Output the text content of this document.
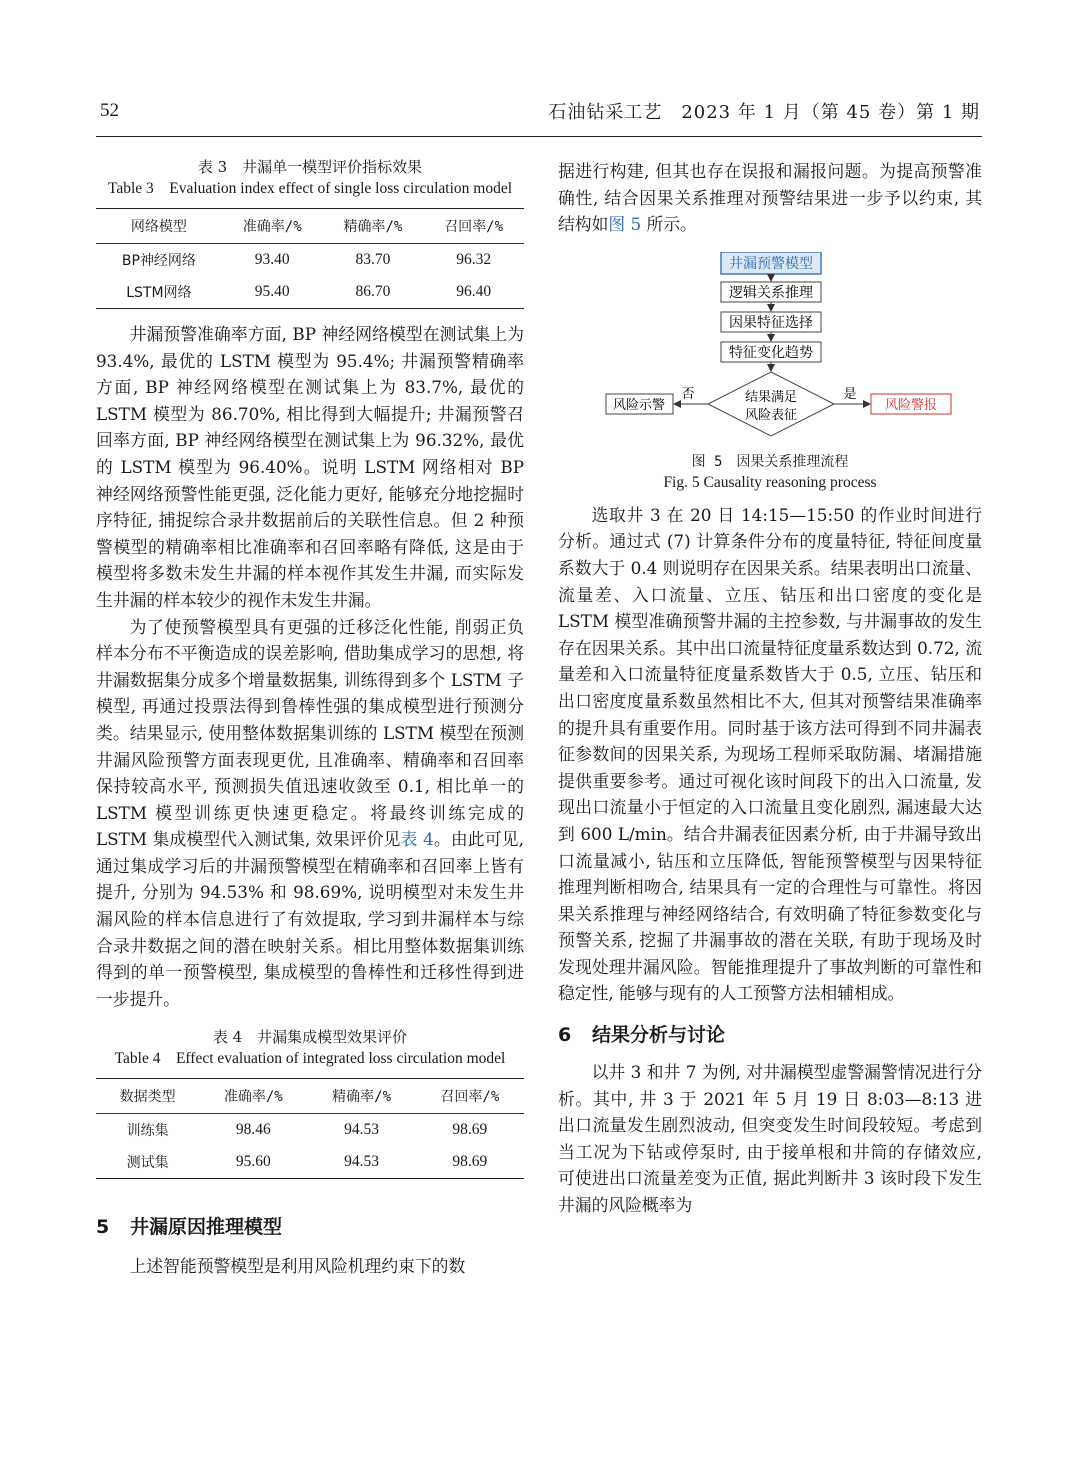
52	石油钻采工艺　2023 年 1 月（第 45 卷）第 1 期
表 3　井漏单一模型评价指标效果
Table 3　Evaluation index effect of single loss circulation model
网络模型	准确率/%	精确率/%	召回率/%
BP神经网络	93.40	83.70	96.32
LSTM网络	95.40	86.70	96.40

井漏预警准确率方面, BP 神经网络模型在测试集上为 93.4%, 最优的 LSTM 模型为 95.4%; 井漏预警精确率方面, BP 神经网络模型在测试集上为 83.7%, 最优的 LSTM 模型为 86.70%, 相比得到大幅提升; 井漏预警召回率方面, BP 神经网络模型在测试集上为 96.32%, 最优的 LSTM 模型为 96.40%。说明 LSTM 网络相对 BP 神经网络预警性能更强, 泛化能力更好, 能够充分地挖掘时序特征, 捕捉综合录井数据前后的关联性信息。但 2 种预警模型的精确率相比准确率和召回率略有降低, 这是由于模型将多数未发生井漏的样本视作其发生井漏, 而实际发生井漏的样本较少的视作未发生井漏。

为了使预警模型具有更强的迁移泛化性能, 削弱正负样本分布不平衡造成的误差影响, 借助集成学习的思想, 将井漏数据集分成多个增量数据集, 训练得到多个 LSTM 子模型, 再通过投票法得到鲁棒性强的集成模型进行预测分类。结果显示, 使用整体数据集训练的 LSTM 模型在预测井漏风险预警方面表现更优, 且准确率、精确率和召回率保持较高水平, 预测损失值迅速收敛至 0.1, 相比单一的 LSTM 模型训练更快速更稳定。将最终训练完成的 LSTM 集成模型代入测试集, 效果评价见表 4。由此可见, 通过集成学习后的井漏预警模型在精确率和召回率上皆有提升, 分别为 94.53% 和 98.69%, 说明模型对未发生井漏风险的样本信息进行了有效提取, 学习到井漏样本与综合录井数据之间的潜在映射关系。相比用整体数据集训练得到的单一预警模型, 集成模型的鲁棒性和迁移性得到进一步提升。

表 4　井漏集成模型效果评价
Table 4　Effect evaluation of integrated loss circulation model
数据类型	准确率/%	精确率/%	召回率/%
训练集	98.46	94.53	98.69
测试集	95.60	94.53	98.69
5 井漏原因推理模型

上述智能预警模型是利用风险机理约束下的数

据进行构建, 但其也存在误报和漏报问题。为提高预警准确性, 结合因果关系推理对预警结果进一步予以约束, 其结构如图 5 所示。

井漏预警模型
逻辑关系推理
因果特征选择
特征变化趋势
结果满足
风险表征
否
风险示警
是
风险警报
图 5　因果关系推理流程
Fig. 5 Causality reasoning process

选取井 3 在 20 日 14:15—15:50 的作业时间进行分析。通过式 (7) 计算条件分布的度量特征, 特征间度量系数大于 0.4 则说明存在因果关系。结果表明出口流量、流量差、入口流量、立压、钻压和出口密度的变化是 LSTM 模型准确预警井漏的主控参数, 与井漏事故的发生存在因果关系。其中出口流量特征度量系数达到 0.72, 流量差和入口流量特征度量系数皆大于 0.5, 立压、钻压和出口密度度量系数虽然相比不大, 但其对预警结果准确率的提升具有重要作用。同时基于该方法可得到不同井漏表征参数间的因果关系, 为现场工程师采取防漏、堵漏措施提供重要参考。通过可视化该时间段下的出入口流量, 发现出口流量小于恒定的入口流量且变化剧烈, 漏速最大达到 600 L/min。结合井漏表征因素分析, 由于井漏导致出口流量减小, 钻压和立压降低, 智能预警模型与因果特征推理判断相吻合, 结果具有一定的合理性与可靠性。将因果关系推理与神经网络结合, 有效明确了特征参数变化与预警关系, 挖掘了井漏事故的潜在关联, 有助于现场及时发现处理井漏风险。智能推理提升了事故判断的可靠性和稳定性, 能够与现有的人工预警方法相辅相成。

6 结果分析与讨论

以井 3 和井 7 为例, 对井漏模型虚警漏警情况进行分析。其中, 井 3 于 2021 年 5 月 19 日 8:03—8:13 进出口流量发生剧烈波动, 但突变发生时间段较短。考虑到当工况为下钻或停泵时, 由于接单根和井筒的存储效应, 可使进出口流量差变为正值, 据此判断井 3 该时段下发生井漏的风险概率为
